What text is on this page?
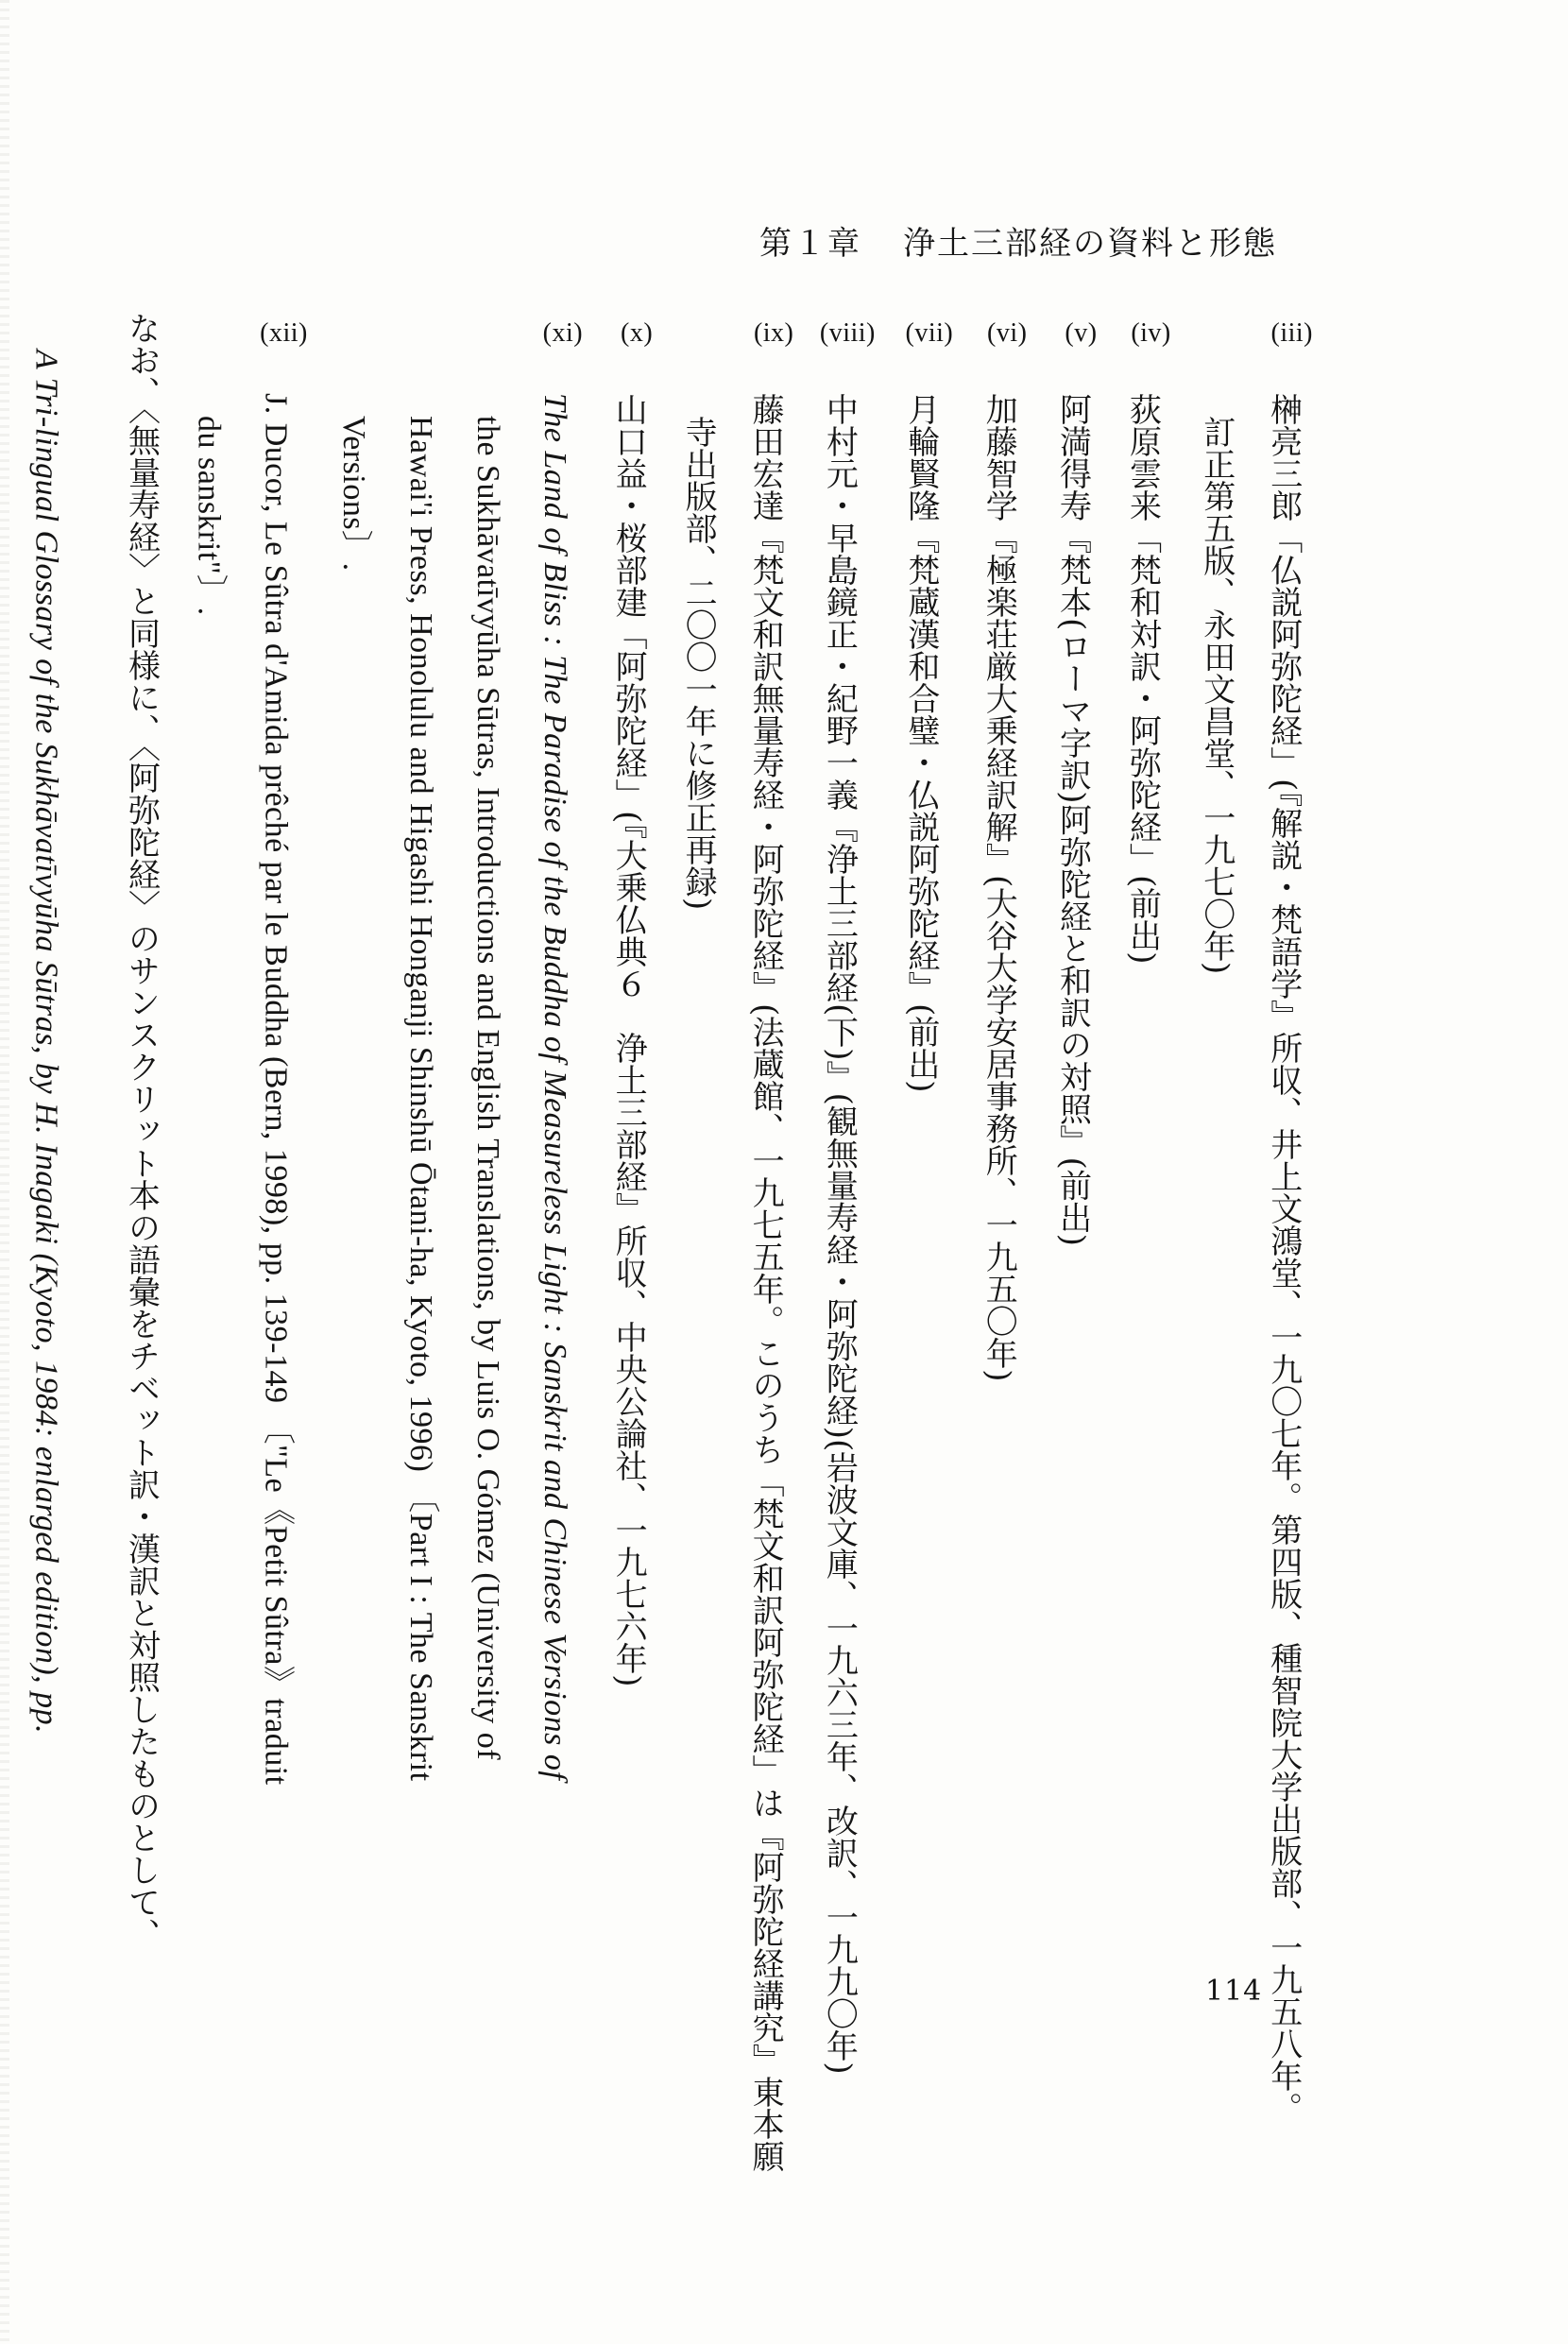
第１章 浄土三部経の資料と形態
(iii)榊亮三郎「仏説阿弥陀経」(『解説・梵語学』所収、井上文鴻堂、一九〇七年。第四版、種智院大学出版部、一九五八年。
訂正第五版、永田文昌堂、一九七〇年)
(iv)荻原雲来「梵和対訳・阿弥陀経」(前出)
(v)阿満得寿『梵本(ローマ字訳)阿弥陀経と和訳の対照』(前出)
(vi)加藤智学『極楽荘厳大乗経訳解』(大谷大学安居事務所、一九五〇年)
(vii)月輪賢隆『梵蔵漢和合璧・仏説阿弥陀経』(前出)
(viii)中村元・早島鏡正・紀野一義『浄土三部経(下)』(観無量寿経・阿弥陀経)(岩波文庫、一九六三年、改訳、一九九〇年)
(ix)藤田宏達『梵文和訳無量寿経・阿弥陀経』(法蔵館、一九七五年。このうち「梵文和訳阿弥陀経」は『阿弥陀経講究』東本願
寺出版部、二〇〇一年に修正再録)
(x)山口益・桜部建「阿弥陀経」(『大乗仏典６　浄土三部経』所収、中央公論社、一九七六年)
(xi)The Land of Bliss : The Paradise of the Buddha of Measureless Light : Sanskrit and Chinese Versions of
the Sukhāvatīvyūha Sūtras, Introductions and English Translations, by Luis O. Gómez (University of
Hawai'i Press, Honolulu and Higashi Honganji Shinshū Ōtani-ha, Kyoto, 1996) 〔Part I : The Sanskrit
Versions〕.
(xii)J. Ducor, Le Sûtra d'Amida prêché par le Buddha (Bern, 1998), pp. 139-149 〔"Le《Petit Sûtra》traduit
du sanskrit"〕.
なお、〈無量寿経〉と同様に、〈阿弥陀経〉のサンスクリット本の語彙をチベット訳・漢訳と対照したものとして、
A Tri-lingual Glossary of the Sukhāvatīvyūha Sūtras, by H. Inagaki (Kyoto, 1984: enlarged edition), pp.
114
